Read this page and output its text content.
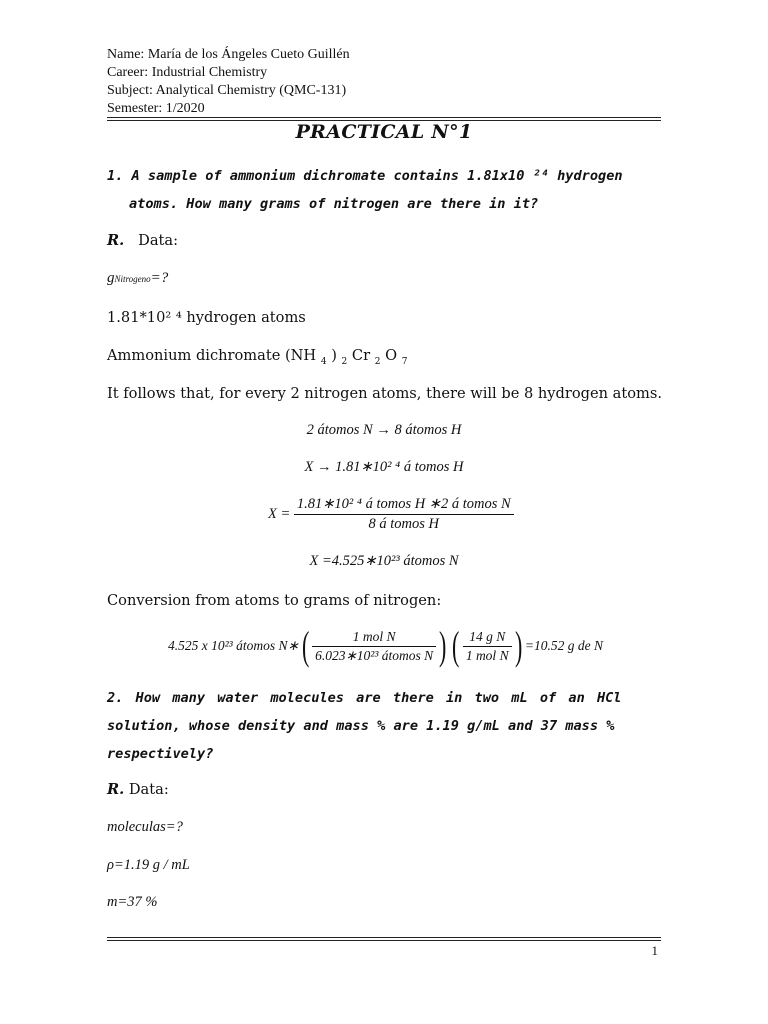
Name: María de los Ángeles Cueto Guillén
Career: Industrial Chemistry
Subject: Analytical Chemistry (QMC-131)
Semester: 1/2020
PRACTICAL N°1
1. A sample of ammonium dichromate contains 1.81x10 ²⁴ hydrogen
atoms. How many grams of nitrogen are there in it?
R. Data:
gNitrogeno=?
1.81*10² ⁴ hydrogen atoms
Ammonium dichromate (NH $_4$ ) $_2$ Cr $_2$ O $_7$
It follows that, for every 2 nitrogen atoms, there will be 8 hydrogen atoms.
2 átomos N → 8 átomos H
X → 1.81∗10² ⁴ á tomos H
$X = \frac{\text{1.81∗10² ⁴ á tomos H ∗2 á tomos N}}{\text{8 á tomos H}}$
X =4.525∗10²³ átomos N
Conversion from atoms to grams of nitrogen:
4.525 x 10²³ átomos N∗( $\frac{\text{1 mol N}}{\text{6.023∗10²³ átomos N}}$ ) ( $\frac{\text{14 g N}}{\text{1 mol N}}$ ) =10.52 g de N
2. How many water molecules are there in two mL of an HCl
solution, whose density and mass % are 1.19 g/mL and 37 mass %
respectively?
R. Data:
moleculas=?
ρ=1.19 g / mL
m=37 %
1
